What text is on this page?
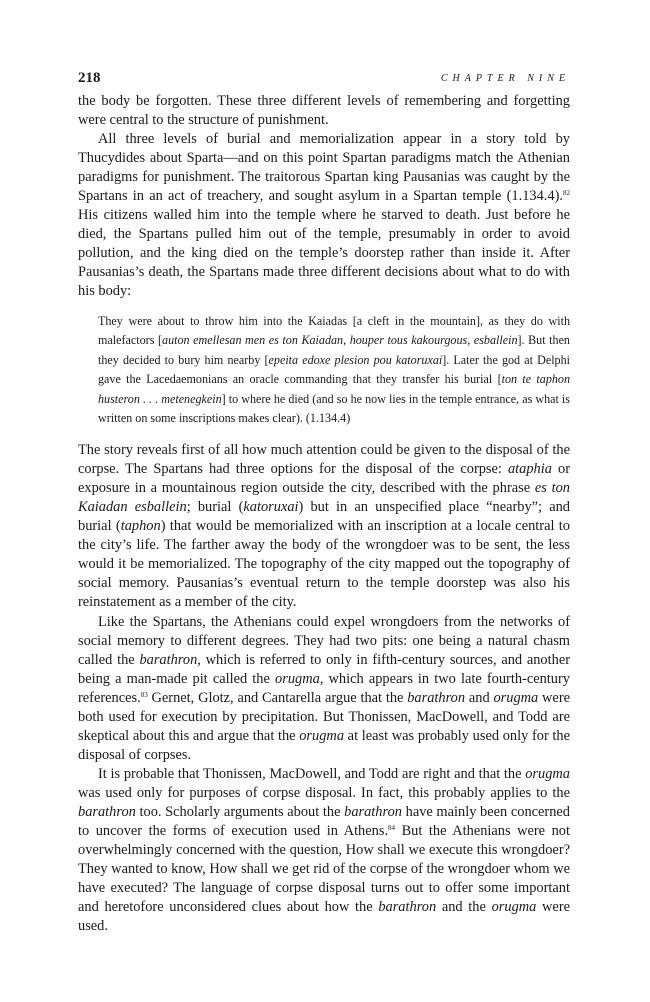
218	CHAPTER NINE

the body be forgotten. These three different levels of remembering and forgetting were central to the structure of punishment.

All three levels of burial and memorialization appear in a story told by Thucydides about Sparta—and on this point Spartan paradigms match the Athenian paradigms for punishment. The traitorous Spartan king Pausanias was caught by the Spartans in an act of treachery, and sought asylum in a Spartan temple (1.134.4).$^{82}$ His citizens walled him into the temple where he starved to death. Just before he died, the Spartans pulled him out of the temple, presumably in order to avoid pollution, and the king died on the temple’s doorstep rather than inside it. After Pausanias’s death, the Spartans made three different decisions about what to do with his body:

They were about to throw him into the Kaiadas [a cleft in the mountain], as they do with malefactors [auton emellesan men es ton Kaiadan, houper tous kakourgous, esballein]. But then they decided to bury him nearby [epeita edoxe plesion pou katoruxai]. Later the god at Delphi gave the Lacedaemonians an oracle commanding that they transfer his burial [ton te taphon husteron . . . metenegkein] to where he died (and so he now lies in the temple entrance, as what is written on some inscriptions makes clear). (1.134.4)

The story reveals first of all how much attention could be given to the disposal of the corpse. The Spartans had three options for the disposal of the corpse: ataphia or exposure in a mountainous region outside the city, described with the phrase es ton Kaiadan esballein; burial (katoruxai) but in an unspecified place “nearby”; and burial (taphon) that would be memorialized with an inscription at a locale central to the city’s life. The farther away the body of the wrongdoer was to be sent, the less would it be memorialized. The topography of the city mapped out the topography of social memory. Pausanias’s eventual return to the temple doorstep was also his reinstatement as a member of the city.

Like the Spartans, the Athenians could expel wrongdoers from the networks of social memory to different degrees. They had two pits: one being a natural chasm called the barathron, which is referred to only in fifth-century sources, and another being a man-made pit called the orugma, which appears in two late fourth-century references.$^{83}$ Gernet, Glotz, and Cantarella argue that the barathron and orugma were both used for execution by precipitation. But Thonissen, MacDowell, and Todd are skeptical about this and argue that the orugma at least was probably used only for the disposal of corpses.

It is probable that Thonissen, MacDowell, and Todd are right and that the orugma was used only for purposes of corpse disposal. In fact, this probably applies to the barathron too. Scholarly arguments about the barathron have mainly been concerned to uncover the forms of execution used in Athens.$^{84}$ But the Athenians were not overwhelmingly concerned with the question, How shall we execute this wrongdoer? They wanted to know, How shall we get rid of the corpse of the wrongdoer whom we have executed? The language of corpse disposal turns out to offer some important and heretofore unconsidered clues about how the barathron and the orugma were used.
